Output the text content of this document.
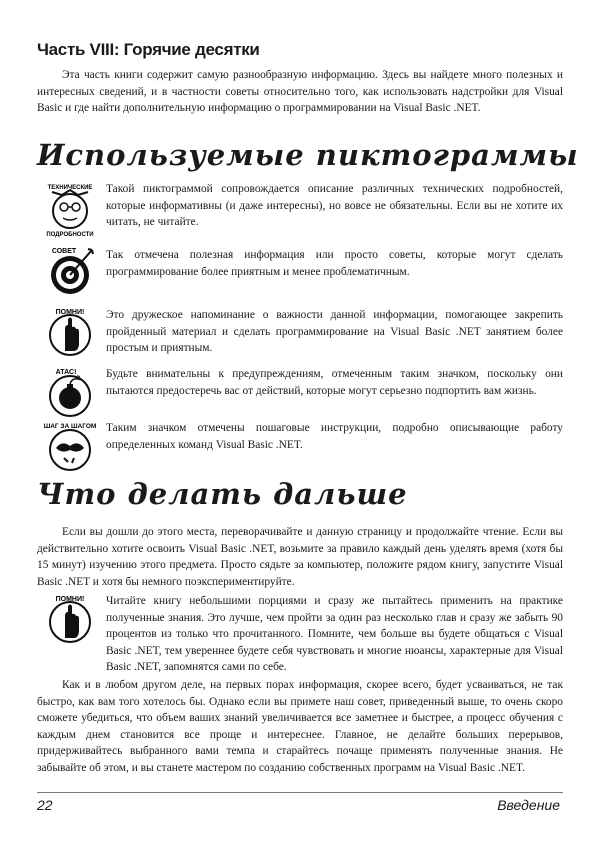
Часть VIII: Горячие десятки
Эта часть книги содержит самую разнообразную информацию. Здесь вы найдете много полезных и интересных сведений, и в частности советы относительно того, как использовать надстройки для Visual Basic и где найти дополнительную информацию о программировании на Visual Basic .NET.
Используемые пиктограммы
ТЕХНИЧЕСКИЕ
ПОДРОБНОСТИ
Такой пиктограммой сопровождается описание различных технических подробностей, которые информативны (и даже интересны), но вовсе не обязательны. Если вы не хотите их читать, не читайте.
СОВЕТ	Так отмечена полезная информация или просто советы, которые могут сделать программирование более приятным и менее проблематичным.
ПОМНИ! Это дружеское напоминание о важности данной информации, помогающее закрепить пройденный материал и сделать программирование на Visual Basic .NET занятием более простым и приятным.
АТАС!	Будьте внимательны к предупреждениям, отмеченным таким значком, поскольку они пытаются предостеречь вас от действий, которые могут серьезно подпортить вам жизнь.
ШАГ ЗА ШАГОМ Таким значком отмечены пошаговые инструкции, подробно описывающие работу определенных команд Visual Basic .NET.
Что делать дальше
Если вы дошли до этого места, переворачивайте и данную страницу и продолжайте чтение. Если вы действительно хотите освоить Visual Basic .NET, возьмите за правило каждый день уделять время (хотя бы 15 минут) изучению этого предмета. Просто сядьте за компьютер, положите рядом книгу, запустите Visual Basic .NET и хотя бы немного поэкспериментируйте.
ПОМНИ! Читайте книгу небольшими порциями и сразу же пытайтесь применить на практике полученные знания. Это лучше, чем пройти за один раз несколько глав и сразу же забыть 90 процентов из только что прочитанного. Помните, чем больше вы будете общаться с Visual Basic .NET, тем увереннее будете себя чувствовать и многие нюансы, характерные для Visual Basic .NET, запомнятся сами по себе.
Как и в любом другом деле, на первых порах информация, скорее всего, будет усваиваться, не так быстро, как вам того хотелось бы. Однако если вы примете наш совет, приведенный выше, то очень скоро сможете убедиться, что объем ваших знаний увеличивается все заметнее и быстрее, а процесс обучения с каждым днем становится все проще и интереснее. Главное, не делайте больших перерывов, придерживайтесь выбранного вами темпа и старайтесь почаще применять полученные знания. Не забывайте об этом, и вы станете мастером по созданию собственных программ на Visual Basic .NET.
22	Введение
